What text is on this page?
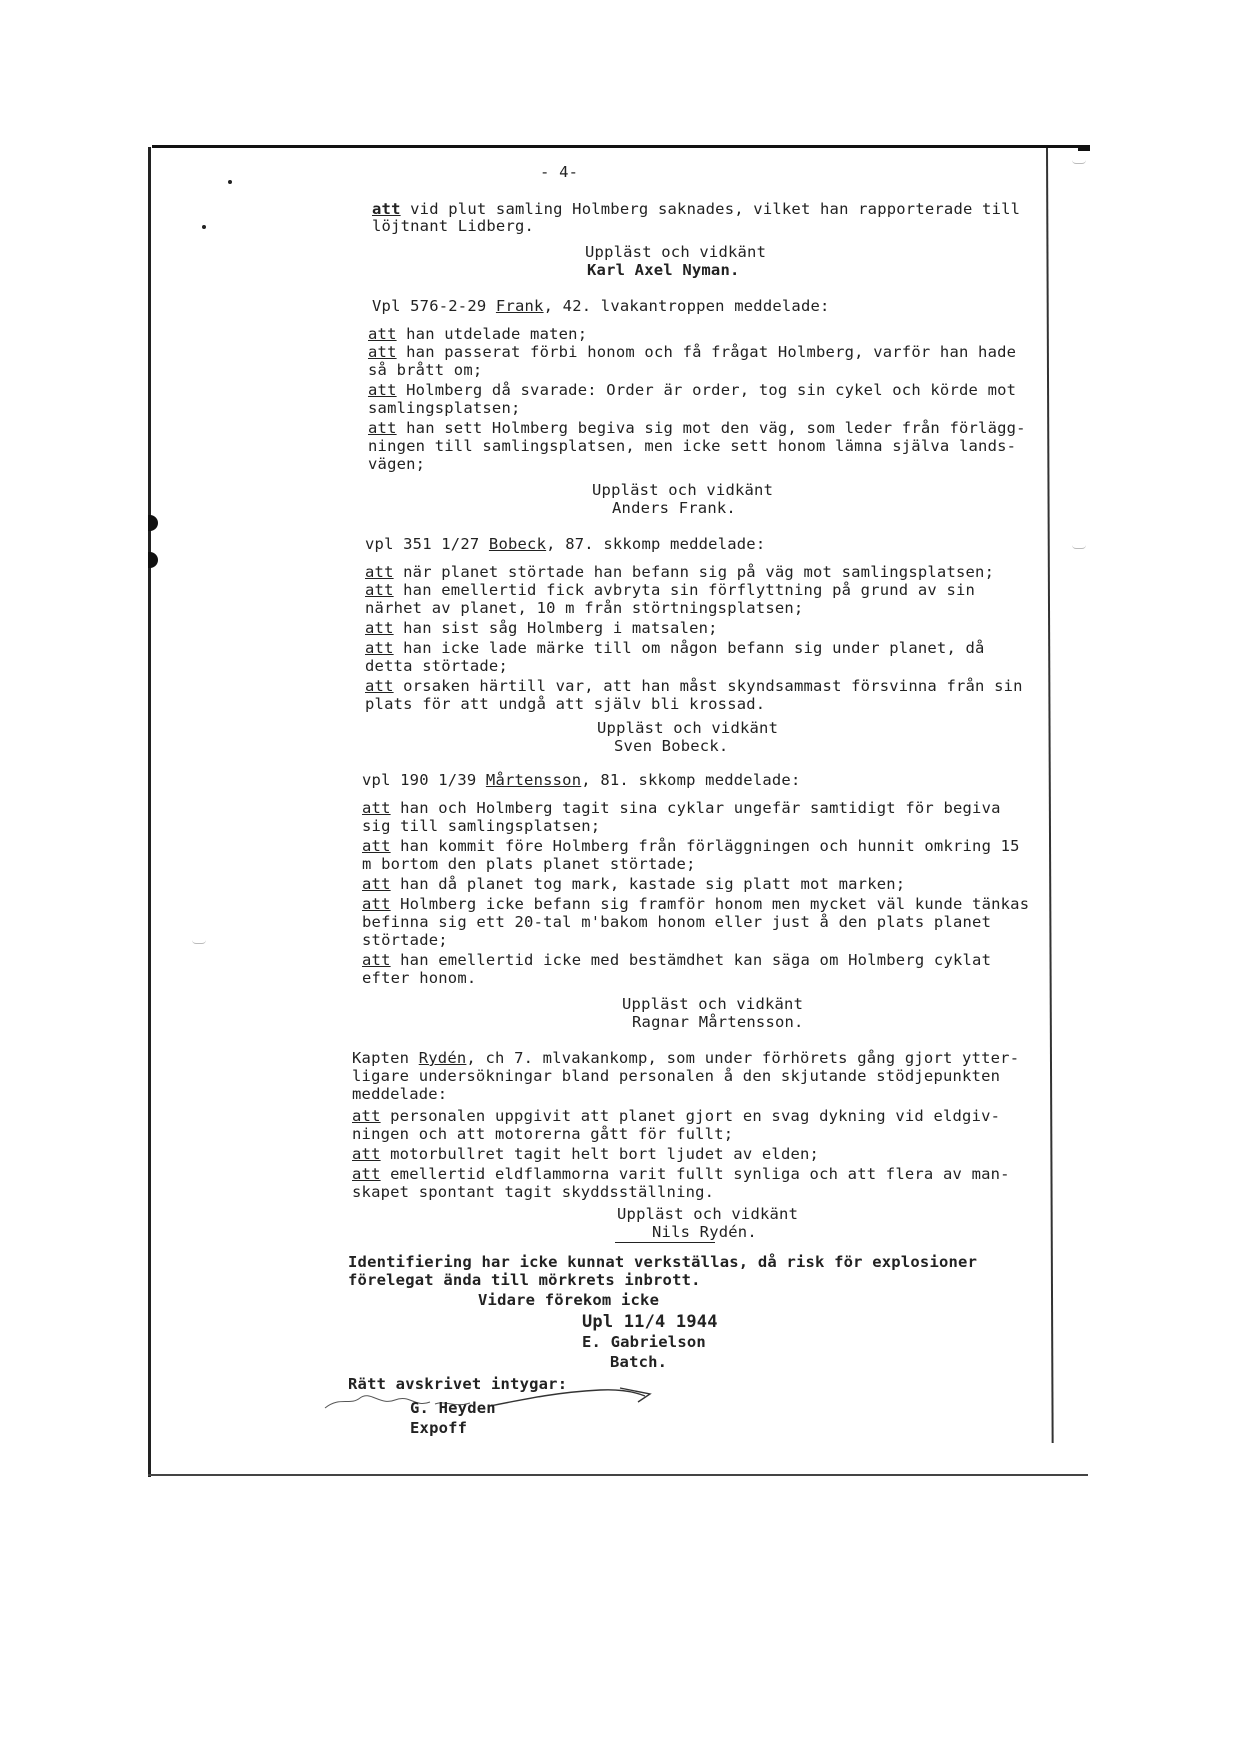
- 4-
att vid plut samling Holmberg saknades, vilket han rapporterade till
löjtnant Lidberg.
Uppläst och vidkänt
Karl Axel Nyman.
Vpl 576-2-29 Frank, 42. lvakantroppen meddelade:
att han utdelade maten;
att han passerat förbi honom och få frågat Holmberg, varför han hade
så brått om;
att Holmberg då svarade: Order är order, tog sin cykel och körde mot
samlingsplatsen;
att han sett Holmberg begiva sig mot den väg, som leder från förlägg-
ningen till samlingsplatsen, men icke sett honom lämna själva lands-
vägen;
Uppläst och vidkänt
Anders Frank.
vpl 351 1/27 Bobeck, 87. skkomp meddelade:
att när planet störtade han befann sig på väg mot samlingsplatsen;
att han emellertid fick avbryta sin förflyttning på grund av sin
närhet av planet, 10 m från störtningsplatsen;
att han sist såg Holmberg i matsalen;
att han icke lade märke till om någon befann sig under planet, då
detta störtade;
att orsaken härtill var, att han måst skyndsammast försvinna från sin
plats för att undgå att själv bli krossad.
Uppläst och vidkänt
Sven Bobeck.
vpl 190 1/39 Mårtensson, 81. skkomp meddelade:
att han och Holmberg tagit sina cyklar ungefär samtidigt för begiva
sig till samlingsplatsen;
att han kommit före Holmberg från förläggningen och hunnit omkring 15
m bortom den plats planet störtade;
att han då planet tog mark, kastade sig platt mot marken;
att Holmberg icke befann sig framför honom men mycket väl kunde tänkas
befinna sig ett 20-tal m'bakom honom eller just å den plats planet
störtade;
att han emellertid icke med bestämdhet kan säga om Holmberg cyklat
efter honom.
Uppläst och vidkänt
Ragnar Mårtensson.
Kapten Rydén, ch 7. mlvakankomp, som under förhörets gång gjort ytter-
ligare undersökningar bland personalen å den skjutande stödjepunkten
meddelade:
att personalen uppgivit att planet gjort en svag dykning vid eldgiv-
ningen och att motorerna gått för fullt;
att motorbullret tagit helt bort ljudet av elden;
att emellertid eldflammorna varit fullt synliga och att flera av man-
skapet spontant tagit skyddsställning.
Uppläst och vidkänt
Nils Rydén.
Identifiering har icke kunnat verkställas, då risk för explosioner
förelegat ända till mörkrets inbrott.
Vidare förekom icke
Upl 11/4 1944
E. Gabrielson
Batch.
Rätt avskrivet intygar:
G. Heyden
Expoff
